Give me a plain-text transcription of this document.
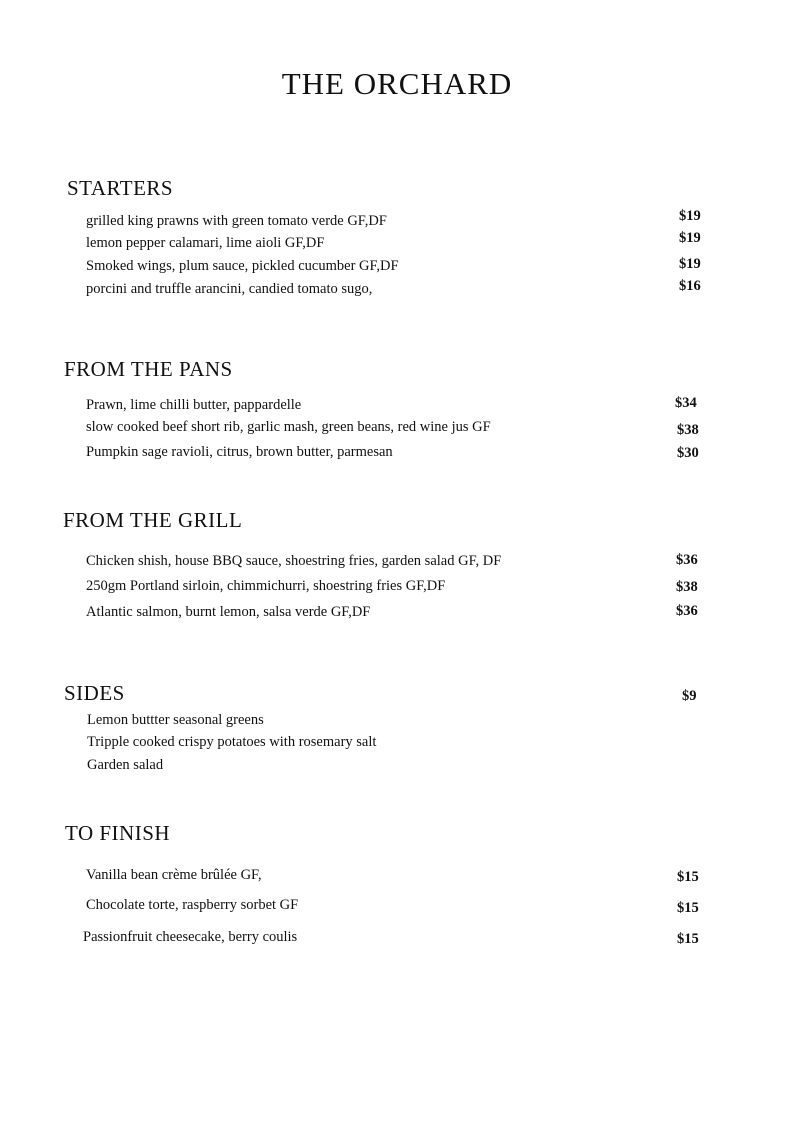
THE ORCHARD
STARTERS
grilled king prawns with green tomato verde GF,DF	$19
lemon pepper calamari, lime aioli GF,DF	$19
Smoked wings, plum sauce, pickled cucumber GF,DF	$19
porcini and truffle arancini, candied tomato sugo,	$16
FROM THE PANS
Prawn, lime chilli butter, pappardelle	$34
slow cooked beef short rib, garlic mash, green beans, red wine jus GF	$38
Pumpkin sage ravioli, citrus, brown butter, parmesan	$30
FROM THE GRILL
Chicken shish, house BBQ sauce, shoestring fries, garden salad GF, DF	$36
250gm Portland sirloin, chimmichurri, shoestring fries GF,DF	$38
Atlantic salmon, burnt lemon, salsa verde GF,DF	$36
SIDES	$9
Lemon buttter seasonal greens
Tripple cooked crispy potatoes with rosemary salt
Garden salad
TO FINISH
Vanilla bean crème brûlée GF,	$15
Chocolate torte, raspberry sorbet GF	$15
Passionfruit cheesecake, berry coulis	$15
